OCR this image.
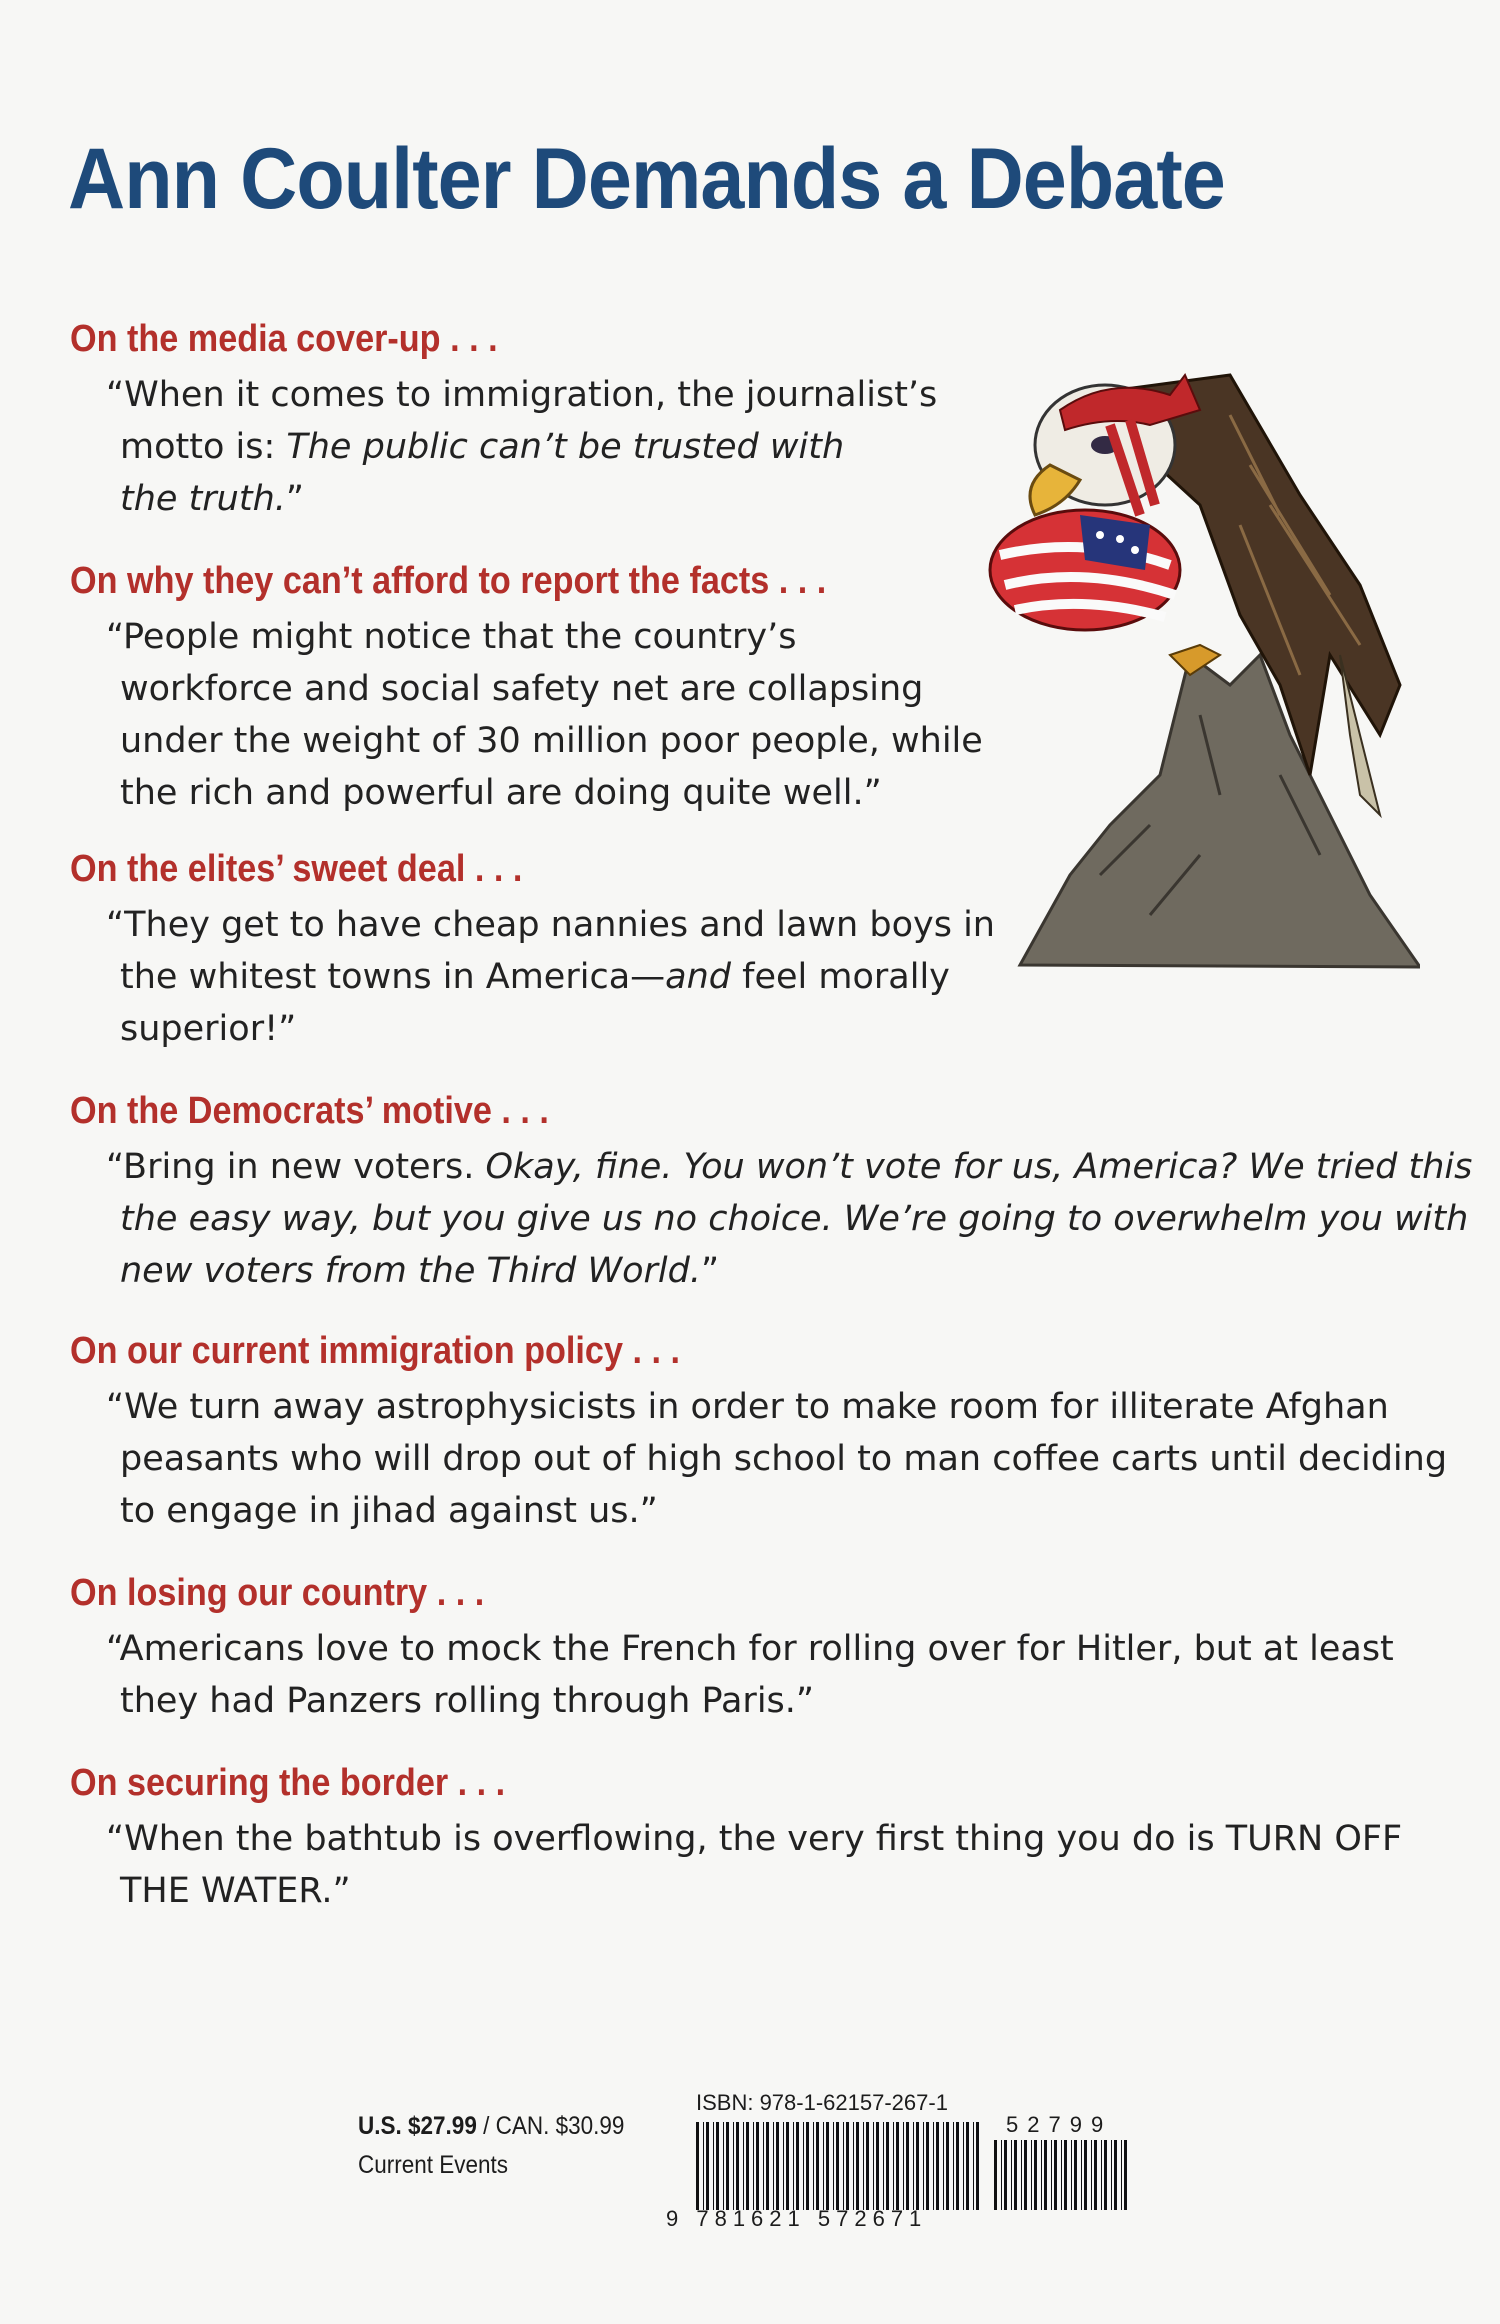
Ann Coulter Demands a Debate
On the media cover-up . . .

“When it comes to immigration, the journalist’s

motto is: The public can’t be trusted with

the truth.”

On why they can’t afford to report the facts . . .

“People might notice that the country’s

workforce and social safety net are collapsing

under the weight of 30 million poor people, while

the rich and powerful are doing quite well.”

On the elites’ sweet deal . . .

“They get to have cheap nannies and lawn boys in

the whitest towns in America—and feel morally

superior!”

On the Democrats’ motive . . .

“Bring in new voters. Okay, fine. You won’t vote for us, America? We tried this

the easy way, but you give us no choice. We’re going to overwhelm you with

new voters from the Third World.”

On our current immigration policy . . .

“We turn away astrophysicists in order to make room for illiterate Afghan

peasants who will drop out of high school to man coffee carts until deciding

to engage in jihad against us.”

On losing our country . . .

“Americans love to mock the French for rolling over for Hitler, but at least

they had Panzers rolling through Paris.”

On securing the border . . .

“When the bathtub is overflowing, the very first thing you do is TURN OFF

THE WATER.”

U.S. $27.99 / CAN. $30.99

Current Events

ISBN: 978-1-62157-267-1
52799
9 781621 572671
